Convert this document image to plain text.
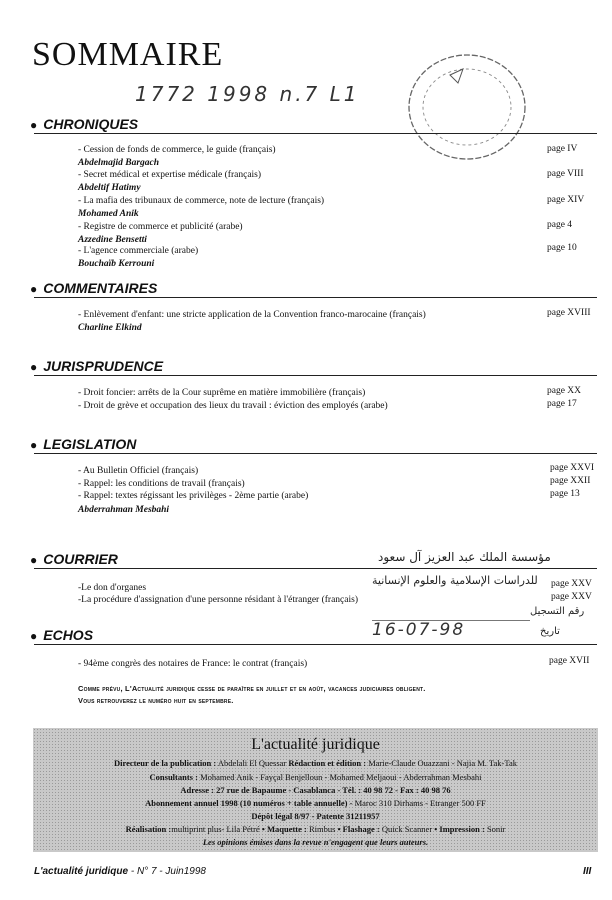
SOMMAIRE
1772 1998 n.7 L1
● CHRONIQUES
- Cession de fonds de commerce, le guide (français)	page IV
Abdelmajid Bargach
- Secret médical et expertise médicale (français)	page VIII
Abdeltif Hatimy
- La mafia des tribunaux de commerce, note de lecture (français)	page XIV
Mohamed Anik
- Registre de commerce et publicité (arabe)	page 4
Azzedine Bensetti
- L'agence commerciale (arabe)	page 10
Bouchaïb Kerrouni
● COMMENTAIRES
- Enlèvement d'enfant: une stricte application de la Convention franco-marocaine (français)	page XVIII
Charline Elkind
● JURISPRUDENCE
- Droit foncier: arrêts de la Cour suprême en matière immobilière (français)	page XX
- Droit de grève et occupation des lieux du travail : éviction des employés (arabe)	page 17
● LEGISLATION
- Au Bulletin Officiel (français)	page XXVI
- Rappel: les conditions de travail (français)	page XXII
- Rappel: textes régissant les privilèges - 2ème partie (arabe)	page 13
Abderrahman Mesbahi
● COURRIER	مؤسسة الملك عبد العزيز آل سعود
للدراسات الإسلامية والعلوم الإنسانية
-Le don d'organes	page XXV
-La procédure d'assignation d'une personne résidant à l'étranger (français)	page XXV
رقم التسجيل
16-07-98	تاريخ
● ECHOS
- 94ème congrès des notaires de France: le contrat (français)	page XVII
Comme prévu, L'Actualité juridique cesse de paraître en juillet et en août, vacances judiciaires obligent.
Vous retrouverez le numéro huit en septembre.
L'actualité juridique
Directeur de la publication : Abdelali El Quessar Rédaction et édition : Marie-Claude Ouazzani - Najia M. Tak-Tak
Consultants : Mohamed Anik - Fayçal Benjelloun - Mohamed Meljaoui - Abderrahman Mesbahi
Adresse : 27 rue de Bapaume - Casablanca - Tél. : 40 98 72 - Fax : 40 98 76
Abonnement annuel 1998 (10 numéros + table annuelle) - Maroc 310 Dirhams - Etranger 500 FF
Dépôt légal 8/97 - Patente 31211957
Réalisation :multiprint plus- Lila Pétré • Maquette : Rimbus • Flashage : Quick Scanner • Impression : Sonir
Les opinions émises dans la revue n'engagent que leurs auteurs.
L'actualité juridique - N° 7 - Juin1998	III
